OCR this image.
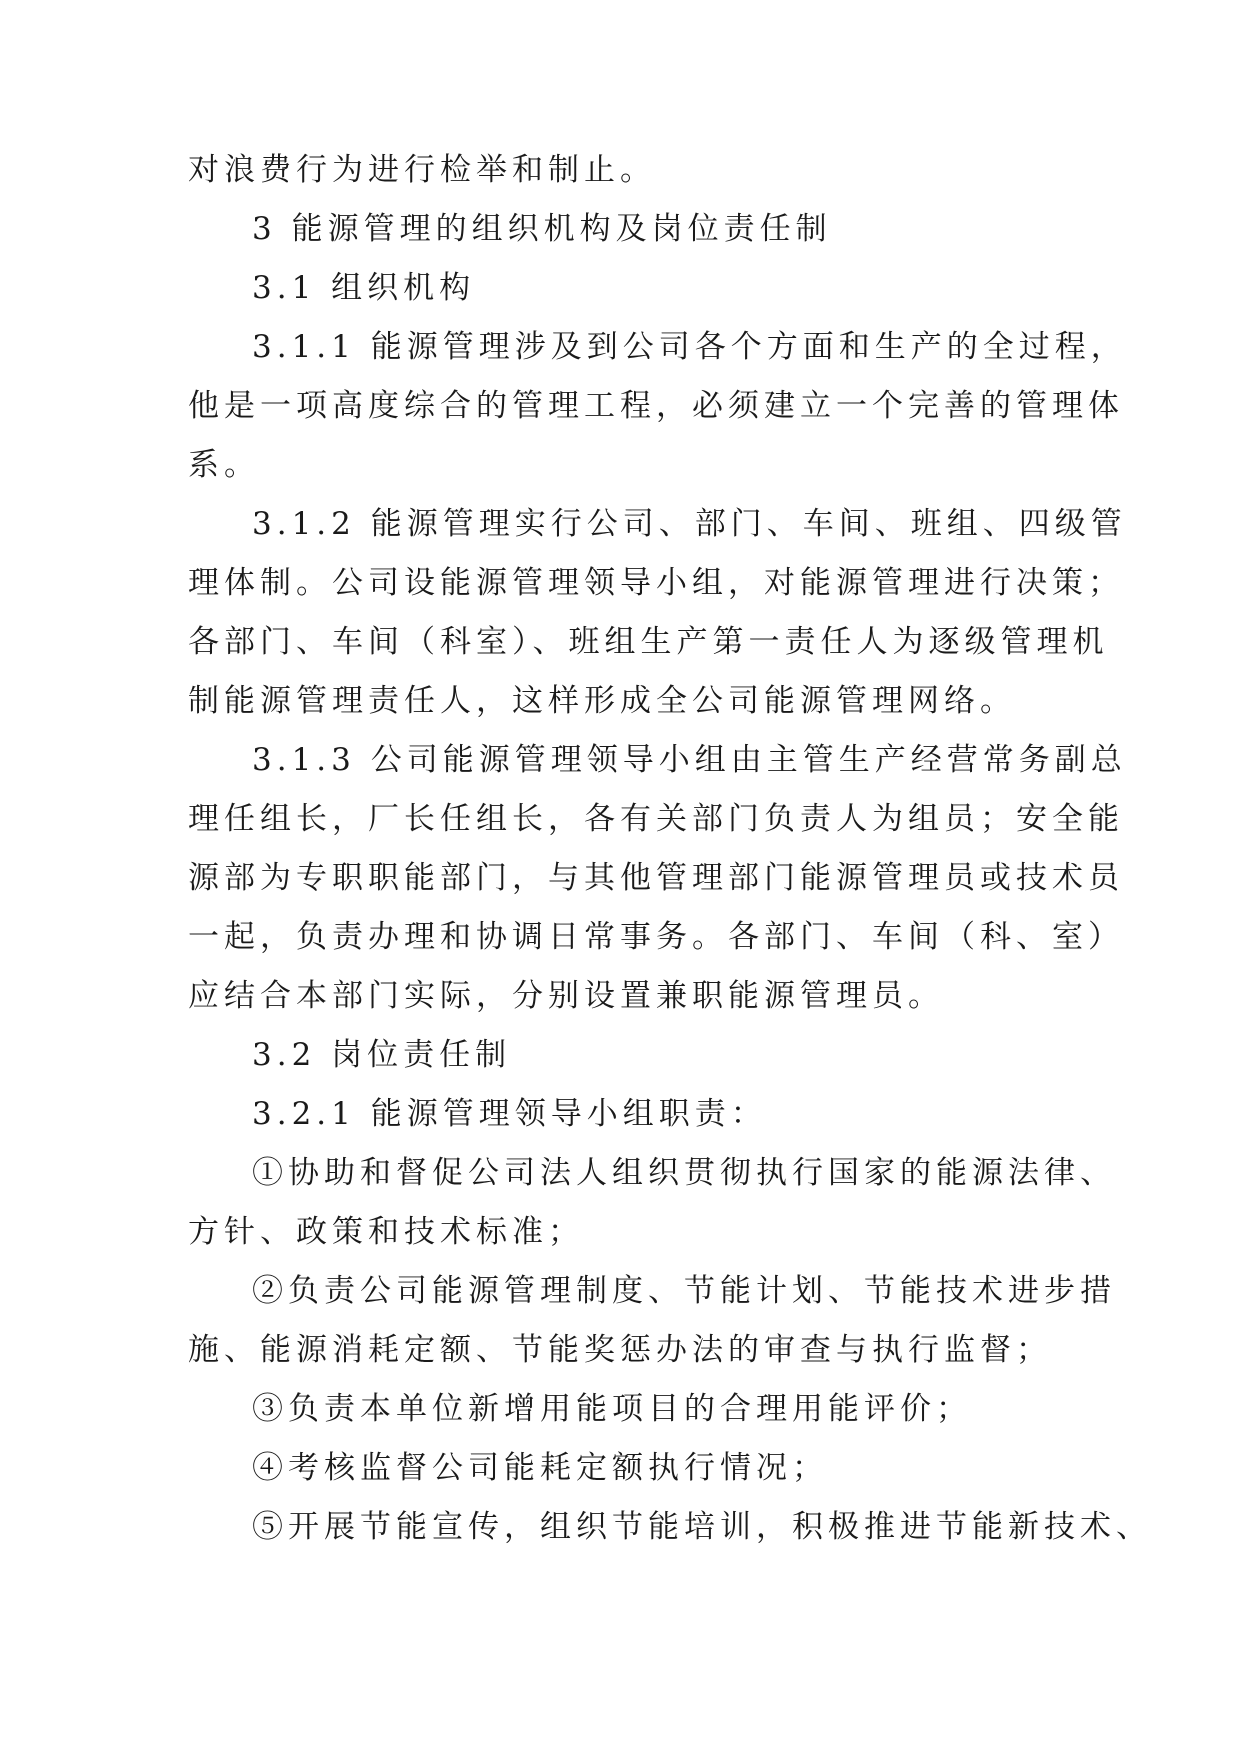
对浪费行为进行检举和制止。
3 能源管理的组织机构及岗位责任制
3.1 组织机构
3.1.1 能源管理涉及到公司各个方面和生产的全过程，
他是一项高度综合的管理工程，必须建立一个完善的管理体
系。
3.1.2 能源管理实行公司、部门、车间、班组、四级管
理体制。公司设能源管理领导小组，对能源管理进行决策；
各部门、车间（科室）、班组生产第一责任人为逐级管理机
制能源管理责任人，这样形成全公司能源管理网络。
3.1.3 公司能源管理领导小组由主管生产经营常务副总
理任组长，厂长任组长，各有关部门负责人为组员；安全能
源部为专职职能部门，与其他管理部门能源管理员或技术员
一起，负责办理和协调日常事务。各部门、车间（科、室）
应结合本部门实际，分别设置兼职能源管理员。
3.2 岗位责任制
3.2.1 能源管理领导小组职责：
①协助和督促公司法人组织贯彻执行国家的能源法律、
方针、政策和技术标准；
②负责公司能源管理制度、节能计划、节能技术进步措
施、能源消耗定额、节能奖惩办法的审查与执行监督；
③负责本单位新增用能项目的合理用能评价；
④考核监督公司能耗定额执行情况；
⑤开展节能宣传，组织节能培训，积极推进节能新技术、
